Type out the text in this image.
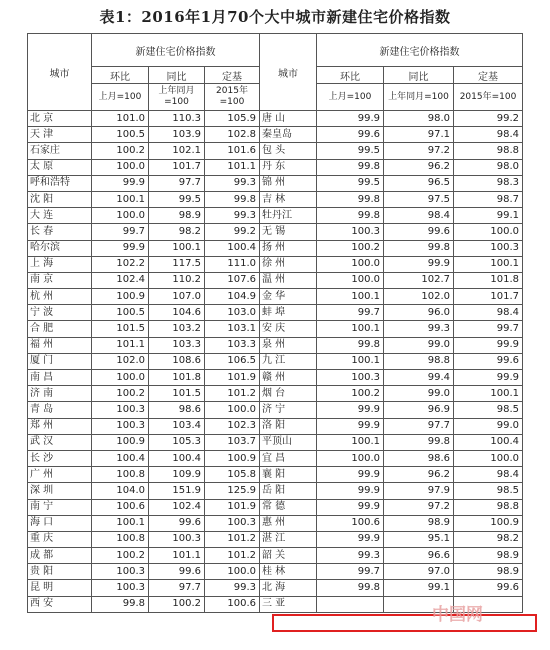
表1：2016年1月70个大中城市新建住宅价格指数
城市	新建住宅价格指数			城市	新建住宅价格指数		
	环比	同比	定基		环比	同比	定基
	上月=100	上年同月=100	2015年=100		上月=100	上年同月=100	2015年=100
北 京	101.0	110.3	105.9	唐 山	99.9	98.0	99.2
天 津	100.5	103.9	102.8	秦皇岛	99.6	97.1	98.4
石家庄	100.2	102.1	101.6	包 头	99.5	97.2	98.8
太 原	100.0	101.7	101.1	丹 东	99.8	96.2	98.0
呼和浩特	99.9	97.7	99.3	锦 州	99.5	96.5	98.3
沈 阳	100.1	99.5	99.8	吉 林	99.8	97.5	98.7
大 连	100.0	98.9	99.3	牡丹江	99.8	98.4	99.1
长 春	99.7	98.2	99.2	无 锡	100.3	99.6	100.0
哈尔滨	99.9	100.1	100.4	扬 州	100.2	99.8	100.3
上 海	102.2	117.5	111.0	徐 州	100.0	99.9	100.1
南 京	102.4	110.2	107.6	温 州	100.0	102.7	101.8
杭 州	100.9	107.0	104.9	金 华	100.1	102.0	101.7
宁 波	100.5	104.6	103.0	蚌 埠	99.7	96.0	98.4
合 肥	101.5	103.2	103.1	安 庆	100.1	99.3	99.7
福 州	101.1	103.3	103.3	泉 州	99.8	99.0	99.9
厦 门	102.0	108.6	106.5	九 江	100.1	98.8	99.6
南 昌	100.0	101.8	101.9	赣 州	100.3	99.4	99.9
济 南	100.2	101.5	101.2	烟 台	100.2	99.0	100.1
青 岛	100.3	98.6	100.0	济 宁	99.9	96.9	98.5
郑 州	100.3	103.4	102.3	洛 阳	99.9	97.7	99.0
武 汉	100.9	105.3	103.7	平顶山	100.1	99.8	100.4
长 沙	100.4	100.4	100.9	宜 昌	100.0	98.6	100.0
广 州	100.8	109.9	105.8	襄 阳	99.9	96.2	98.4
深 圳	104.0	151.9	125.9	岳 阳	99.9	97.9	98.5
南 宁	100.6	102.4	101.9	常 德	99.9	97.2	98.8
海 口	100.1	99.6	100.3	惠 州	100.6	98.9	100.9
重 庆	100.8	100.3	101.2	湛 江	99.9	95.1	98.2
成 都	100.2	101.1	101.2	韶 关	99.3	96.6	98.9
贵 阳	100.3	99.6	100.0	桂 林	99.7	97.0	98.9
昆 明	100.3	97.7	99.3	北 海	99.8	99.1	99.6
西 安	99.8	100.2	100.6	三 亚			
中国网
